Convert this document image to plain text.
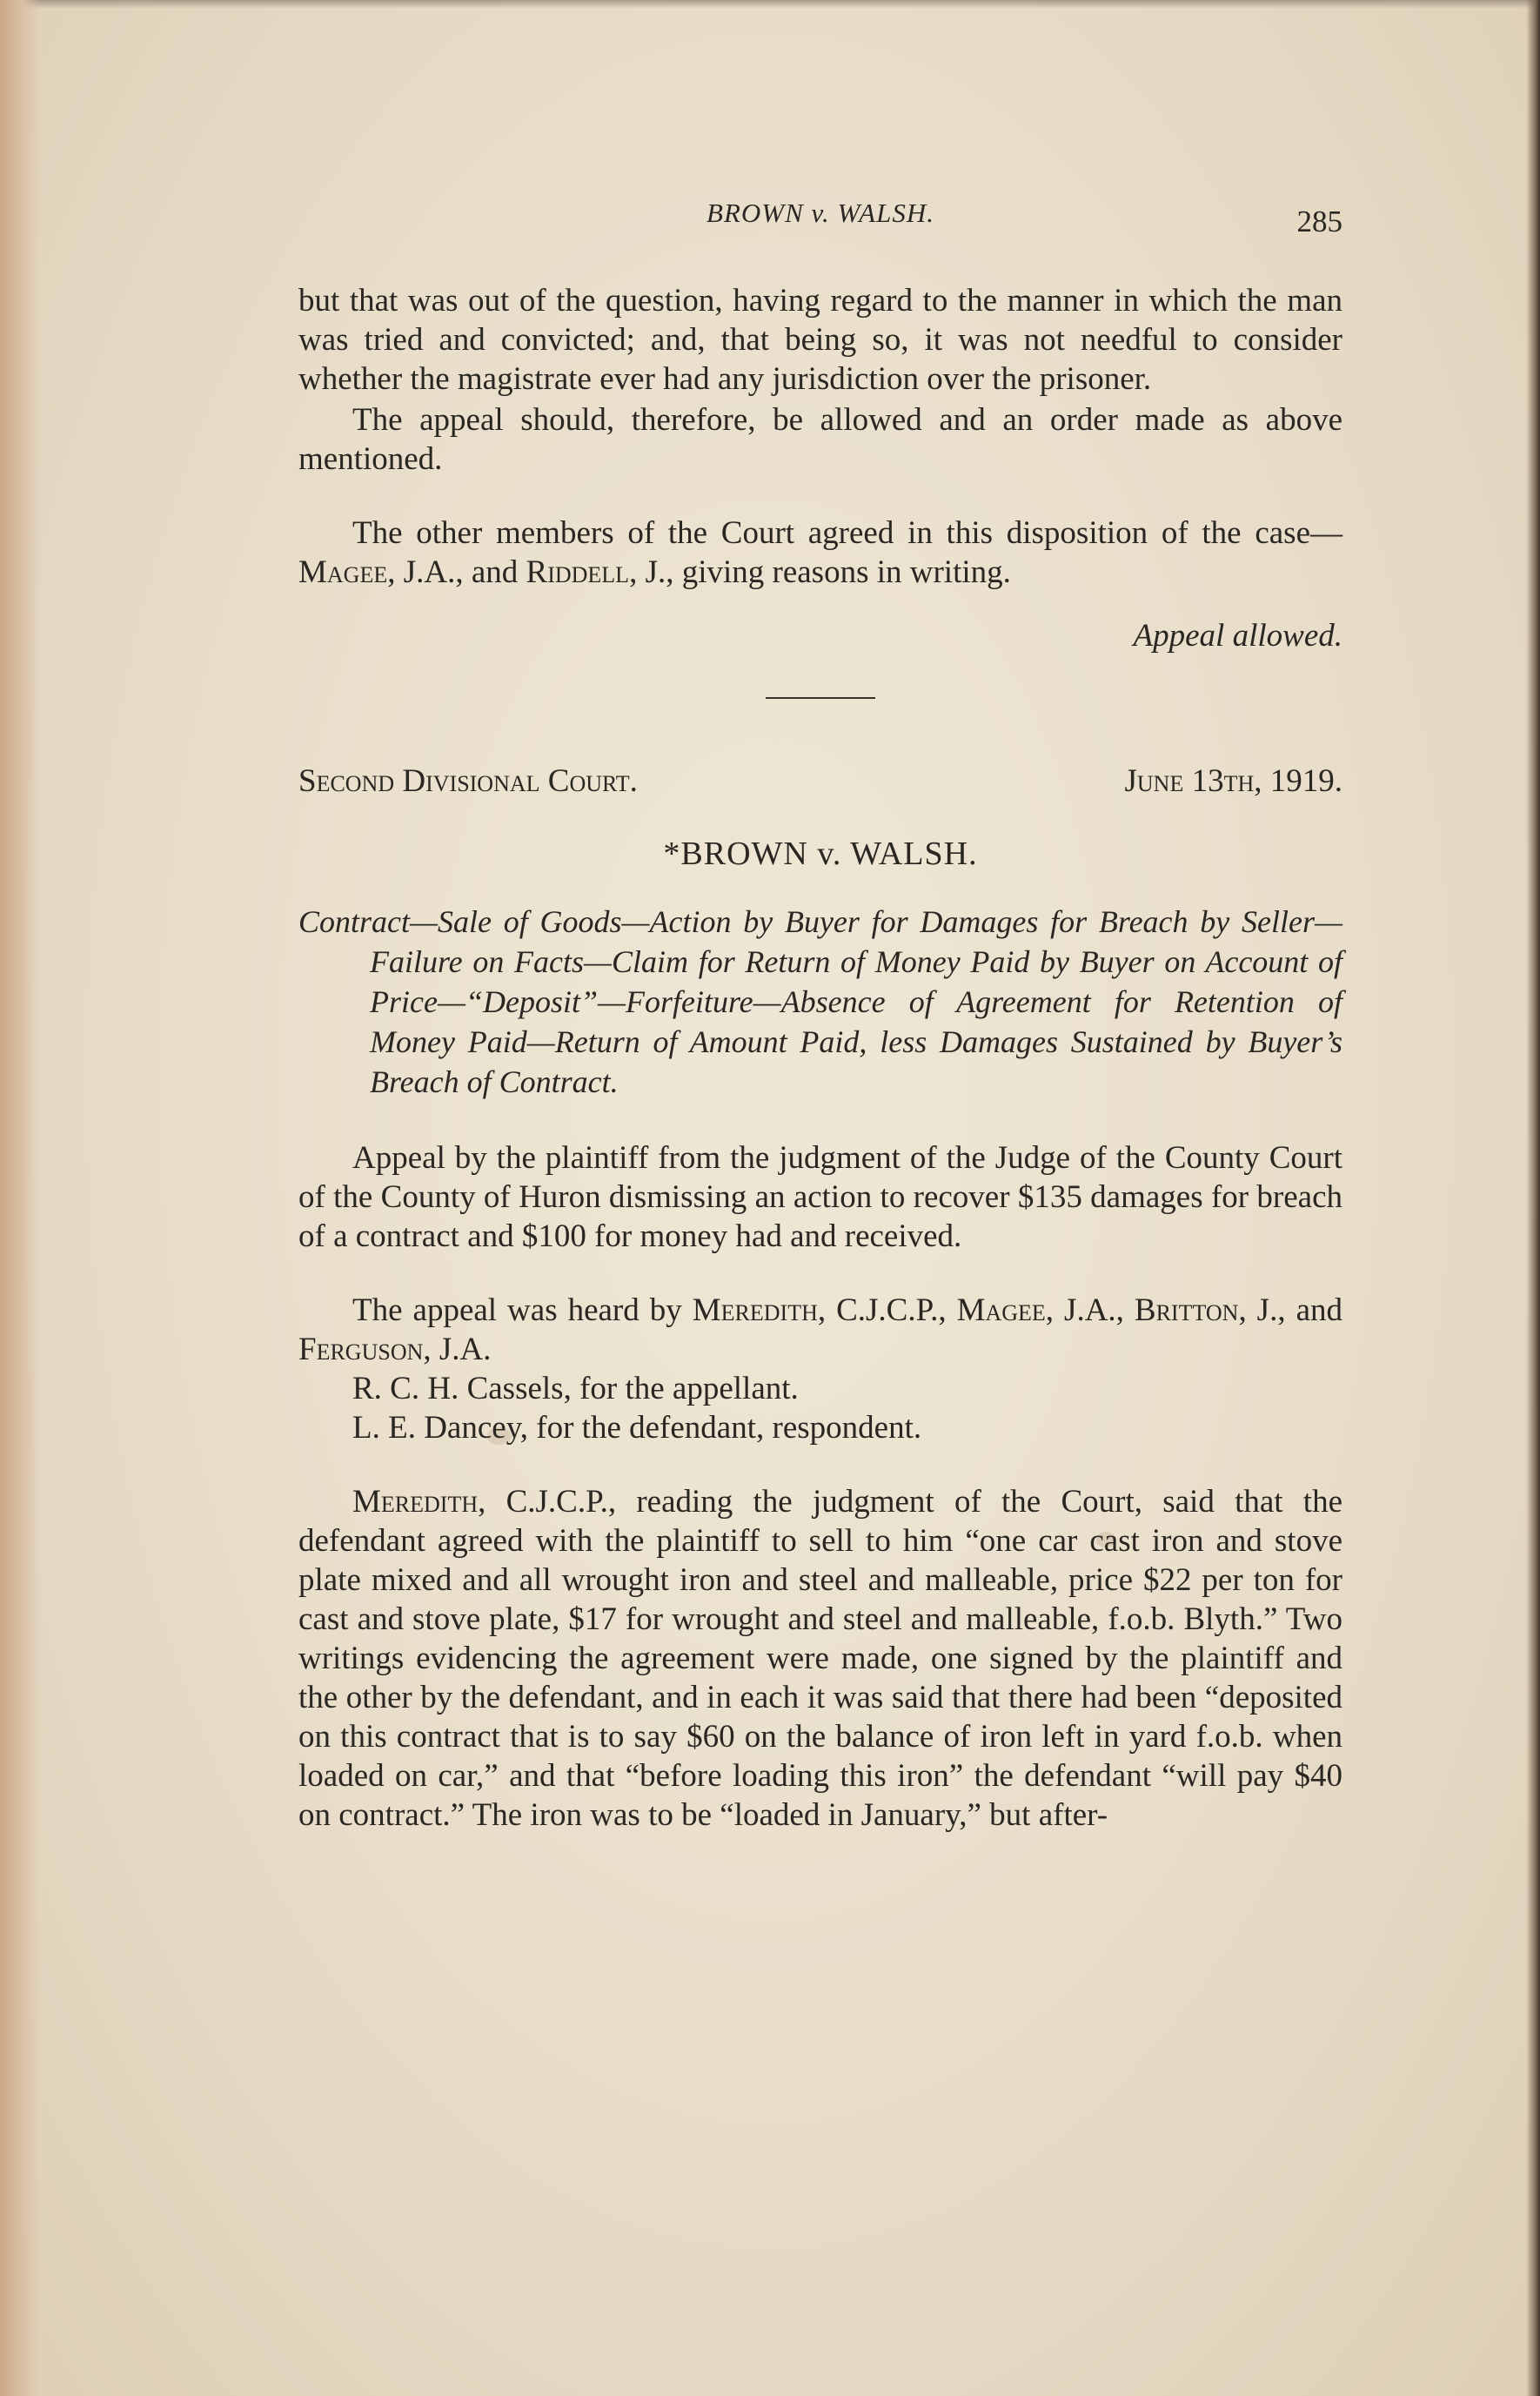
BROWN v. WALSH.	285

but that was out of the question, having regard to the manner in which the man was tried and convicted; and, that being so, it was not needful to consider whether the magistrate ever had any jurisdiction over the prisoner.

The appeal should, therefore, be allowed and an order made as above mentioned.

The other members of the Court agreed in this disposition of the case—Magee, J.A., and Riddell, J., giving reasons in writing.

Appeal allowed.
Second Divisional Court.	June 13th, 1919.
*BROWN v. WALSH.
Contract—Sale of Goods—Action by Buyer for Damages for Breach by Seller—Failure on Facts—Claim for Return of Money Paid by Buyer on Account of Price—“Deposit”—Forfeiture—Absence of Agreement for Retention of Money Paid—Return of Amount Paid, less Damages Sustained by Buyer’s Breach of Contract.

Appeal by the plaintiff from the judgment of the Judge of the County Court of the County of Huron dismissing an action to recover $135 damages for breach of a contract and $100 for money had and received.

The appeal was heard by Meredith, C.J.C.P., Magee, J.A., Britton, J., and Ferguson, J.A.

R. C. H. Cassels, for the appellant.

L. E. Dancey, for the defendant, respondent.

Meredith, C.J.C.P., reading the judgment of the Court, said that the defendant agreed with the plaintiff to sell to him “one car cast iron and stove plate mixed and all wrought iron and steel and malleable, price $22 per ton for cast and stove plate, $17 for wrought and steel and malleable, f.o.b. Blyth.” Two writings evidencing the agreement were made, one signed by the plaintiff and the other by the defendant, and in each it was said that there had been “deposited on this contract that is to say $60 on the balance of iron left in yard f.o.b. when loaded on car,” and that “before loading this iron” the defendant “will pay $40 on contract.” The iron was to be “loaded in January,” but after-
